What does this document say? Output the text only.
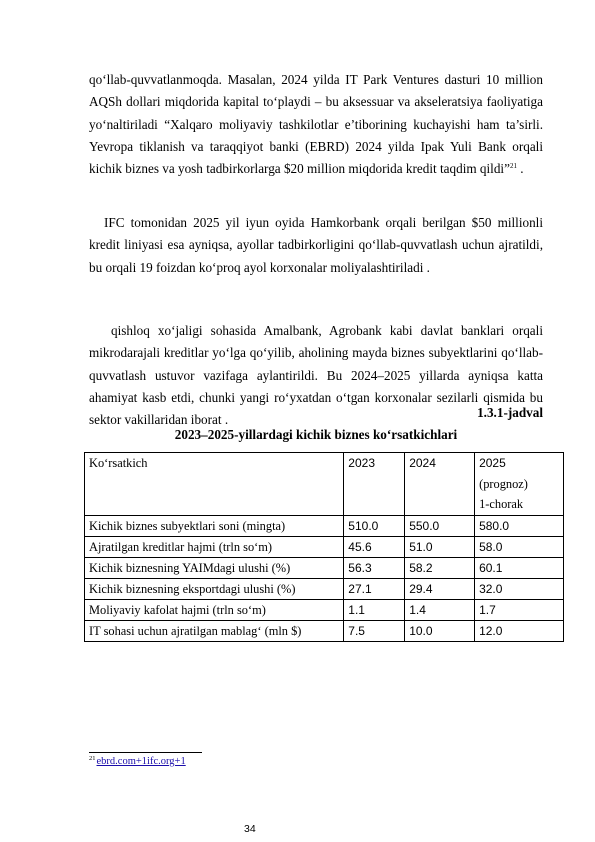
qo‘llab-quvvatlanmoqda. Masalan, 2024 yilda IT Park Ventures dasturi 10 million AQSh dollari miqdorida kapital to‘playdi – bu aksessuar va akseleratsiya faoliyatiga yo‘naltiriladi “Xalqaro moliyaviy tashkilotlar e’tiborining kuchayishi ham ta’sirli. Yevropa tiklanish va taraqqiyot banki (EBRD) 2024 yilda Ipak Yuli Bank orqali kichik biznes va yosh tadbirkorlarga $20 million miqdorida kredit taqdim qildi”$^{21}$ .

IFC tomonidan 2025 yil iyun oyida Hamkorbank orqali berilgan $50 millionli kredit liniyasi esa ayniqsa, ayollar tadbirkorligini qo‘llab-quvvatlash uchun ajratildi, bu orqali 19 foizdan ko‘proq ayol korxonalar moliyalashtiriladi .

qishloq xo‘jaligi sohasida Amalbank, Agrobank kabi davlat banklari orqali mikrodarajali kreditlar yo‘lga qo‘yilib, aholining mayda biznes subyektlarini qo‘llab-quvvatlash ustuvor vazifaga aylantirildi. Bu 2024–2025 yillarda ayniqsa katta ahamiyat kasb etdi, chunki yangi ro‘yxatdan o‘tgan korxonalar sezilarli qismida bu sektor vakillaridan iborat .	1.3.1-jadval
2023–2025-yillardagi kichik biznes ko‘rsatkichlari
Ko‘rsatkich	2023	2024	2025
(prognoz)
1-chorak

Kichik biznes subyektlari soni (mingta)	510.0	550.0	580.0
Ajratilgan kreditlar hajmi (trln so‘m)	45.6	51.0	58.0
Kichik biznesning YAIMdagi ulushi (%)	56.3	58.2	60.1
Kichik biznesning eksportdagi ulushi (%)	27.1	29.4	32.0
Moliyaviy kafolat hajmi (trln so‘m)	1.1	1.4	1.7
IT sohasi uchun ajratilgan mablag‘ (mln $)	7.5	10.0	12.0
$^{21}$ebrd.com+1ifc.org+1
34
